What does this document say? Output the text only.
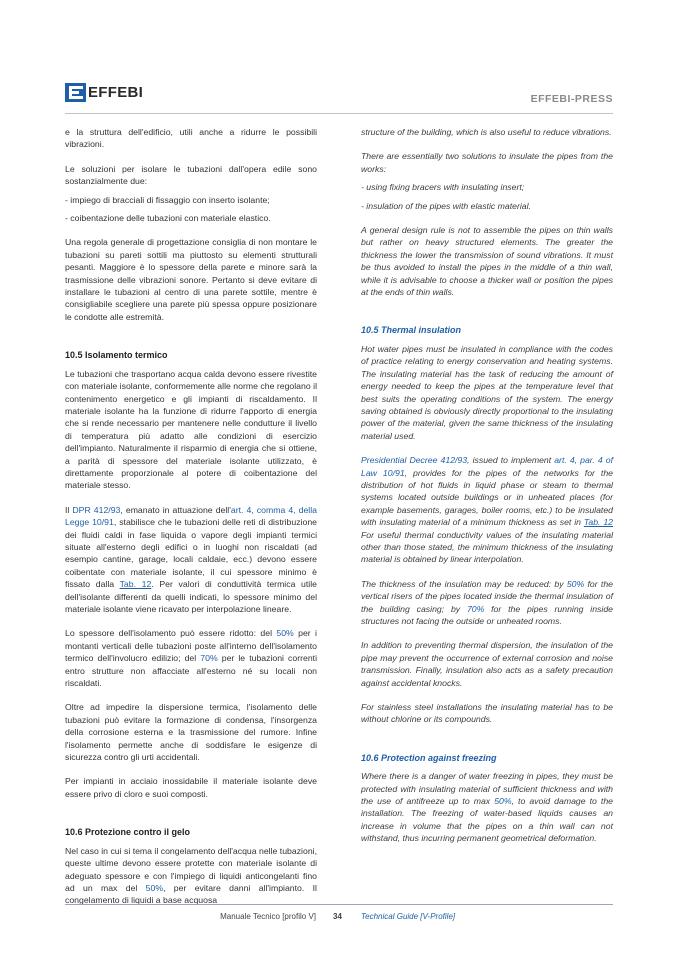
EFFEBI	EFFEBI-PRESS

e la struttura dell'edificio, utili anche a ridurre le possibili vibrazioni.

Le soluzioni per isolare le tubazioni dall'opera edile sono sostanzialmente due:

- impiego di bracciali di fissaggio con inserto isolante;

- coibentazione delle tubazioni con materiale elastico.

Una regola generale di progettazione consiglia di non montare le tubazioni su pareti sottili ma piuttosto su elementi strutturali pesanti. Maggiore è lo spessore della parete e minore sarà la trasmissione delle vibrazioni sonore. Pertanto si deve evitare di installare le tubazioni al centro di una parete sottile, mentre è consigliabile scegliere una parete più spessa oppure posizionare le condotte alle estremità.

10.5 Isolamento termico

Le tubazioni che trasportano acqua calda devono essere rivestite con materiale isolante, conformemente alle norme che regolano il contenimento energetico e gli impianti di riscaldamento. Il materiale isolante ha la funzione di ridurre l'apporto di energia che si rende necessario per mantenere nelle condutture il livello di temperatura più adatto alle condizioni di esercizio dell'impianto. Naturalmente il risparmio di energia che si ottiene, a parità di spessore del materiale isolante utilizzato, è direttamente proporzionale al potere di coibentazione del materiale stesso.

Il DPR 412/93, emanato in attuazione dell'art. 4, comma 4, della Legge 10/91, stabilisce che le tubazioni delle reti di distribuzione dei fluidi caldi in fase liquida o vapore degli impianti termici situate all'esterno degli edifici o in luoghi non riscaldati (ad esempio cantine, garage, locali caldaie, ecc.) devono essere coibentate con materiale isolante, il cui spessore minimo è fissato dalla Tab. 12. Per valori di conduttività termica utile dell'isolante differenti da quelli indicati, lo spessore minimo del materiale isolante viene ricavato per interpolazione lineare.

Lo spessore dell'isolamento può essere ridotto: del 50% per i montanti verticali delle tubazioni poste all'interno dell'isolamento termico dell'involucro edilizio; del 70% per le tubazioni correnti entro strutture non affacciate all'esterno né su locali non riscaldati.

Oltre ad impedire la dispersione termica, l'isolamento delle tubazioni può evitare la formazione di condensa, l'insorgenza della corrosione esterna e la trasmissione del rumore. Infine l'isolamento permette anche di soddisfare le esigenze di sicurezza contro gli urti accidentali.

Per impianti in acciaio inossidabile il materiale isolante deve essere privo di cloro e suoi composti.

10.6 Protezione contro il gelo

Nel caso in cui si tema il congelamento dell'acqua nelle tubazioni, queste ultime devono essere protette con materiale isolante di adeguato spessore e con l'impiego di liquidi anticongelanti fino ad un max del 50%, per evitare danni all'impianto. Il congelamento di liquidi a base acquosa

structure of the building, which is also useful to reduce vibrations.

There are essentially two solutions to insulate the pipes from the works:

- using fixing bracers with insulating insert;

- insulation of the pipes with elastic material.

A general design rule is not to assemble the pipes on thin walls but rather on heavy structured elements. The greater the thickness the lower the transmission of sound vibrations. It must be thus avoided to install the pipes in the middle of a thin wall, while it is advisable to choose a thicker wall or position the pipes at the ends of thin walls.

10.5 Thermal insulation

Hot water pipes must be insulated in compliance with the codes of practice relating to energy conservation and heating systems. The insulating material has the task of reducing the amount of energy needed to keep the pipes at the temperature level that best suits the operating conditions of the system. The energy saving obtained is obviously directly proportional to the insulating power of the material, given the same thickness of the insulating material used.

Presidential Decree 412/93, issued to implement art. 4, par. 4 of Law 10/91, provides for the pipes of the networks for the distribution of hot fluids in liquid phase or steam to thermal systems located outside buildings or in unheated places (for example basements, garages, boiler rooms, etc.) to be insulated with insulating material of a minimum thickness as set in Tab. 12 For useful thermal conductivity values of the insulating material other than those stated, the minimum thickness of the insulating material is obtained by linear interpolation.

The thickness of the insulation may be reduced: by 50% for the vertical risers of the pipes located inside the thermal insulation of the building casing; by 70% for the pipes running inside structures not facing the outside or unheated rooms.

In addition to preventing thermal dispersion, the insulation of the pipe may prevent the occurrence of external corrosion and noise transmission. Finally, insulation also acts as a safety precaution against accidental knocks.

For stainless steel installations the insulating material has to be without chlorine or its compounds.

10.6 Protection against freezing

Where there is a danger of water freezing in pipes, they must be protected with insulating material of sufficient thickness and with the use of antifreeze up to max 50%, to avoid damage to the installation. The freezing of water-based liquids causes an increase in volume that the pipes on a thin wall can not withstand, thus incurring permanent geometrical deformation.

Manuale Tecnico [profilo V] 34 Technical Guide [V-Profile]
